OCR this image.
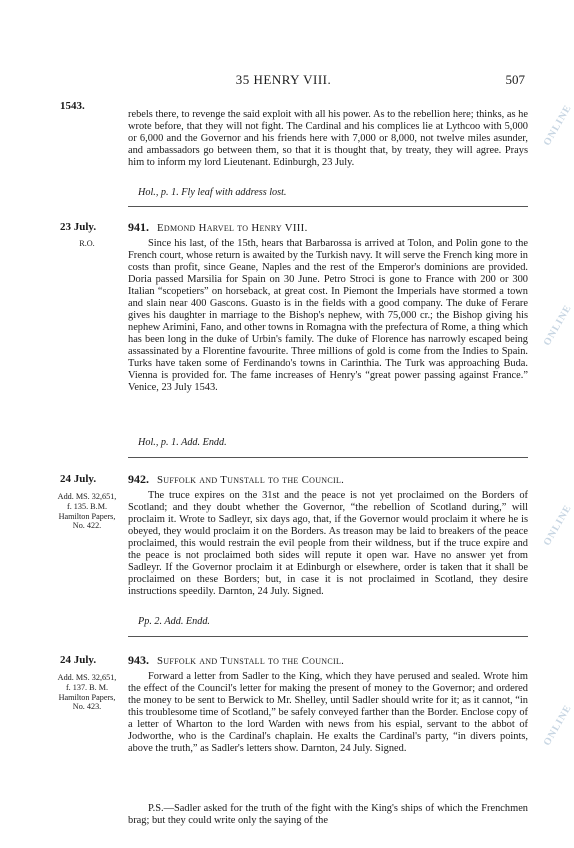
35 HENRY VIII.	507
1543.

rebels there, to revenge the said exploit with all his power. As to the rebellion here; thinks, as he wrote before, that they will not fight. The Cardinal and his complices lie at Lythcoo with 5,000 or 6,000 and the Governor and his friends here with 7,000 or 8,000, not twelve miles asunder, and ambassadors go between them, so that it is thought that, by treaty, they will agree. Prays him to inform my lord Lieutenant. Edinburgh, 23 July.

Hol., p. 1. Fly leaf with address lost.
23 July.
R.O.
941. Edmond Harvel to Henry VIII.

Since his last, of the 15th, hears that Barbarossa is arrived at Tolon, and Polin gone to the French court, whose return is awaited by the Turkish navy. It will serve the French king more in costs than profit, since Geane, Naples and the rest of the Emperor's dominions are provided. Doria passed Marsilia for Spain on 30 June. Petro Stroci is gone to France with 200 or 300 Italian “scopetiers” on horseback, at great cost. In Piemont the Imperials have stormed a town and slain near 400 Gascons. Guasto is in the fields with a good company. The duke of Ferare gives his daughter in marriage to the Bishop's nephew, with 75,000 cr.; the Bishop giving his nephew Arimini, Fano, and other towns in Romagna with the prefectura of Rome, a thing which has been long in the duke of Urbin's family. The duke of Florence has narrowly escaped being assassinated by a Florentine favourite. Three millions of gold is come from the Indies to Spain. Turks have taken some of Ferdinando's towns in Carinthia. The Turk was approaching Buda. Vienna is provided for. The fame increases of Henry's “great power passing against France.” Venice, 23 July 1543.

Hol., p. 1. Add. Endd.
24 July.
Add. MS. 32,651, f. 135. B.M. Hamilton Papers, No. 422.
942. Suffolk and Tunstall to the Council.

The truce expires on the 31st and the peace is not yet proclaimed on the Borders of Scotland; and they doubt whether the Governor, “the rebellion of Scotland during,” will proclaim it. Wrote to Sadleyr, six days ago, that, if the Governor would proclaim it where he is obeyed, they would proclaim it on the Borders. As treason may be laid to breakers of the peace proclaimed, this would restrain the evil people from their wildness, but if the truce expire and the peace is not proclaimed both sides will repute it open war. Have no answer yet from Sadleyr. If the Governor proclaim it at Edinburgh or elsewhere, order is taken that it shall be proclaimed on these Borders; but, in case it is not proclaimed in Scotland, they desire instructions speedily. Darnton, 24 July. Signed.

Pp. 2. Add. Endd.
24 July.
Add. MS. 32,651, f. 137. B. M. Hamilton Papers, No. 423.
943. Suffolk and Tunstall to the Council.

Forward a letter from Sadler to the King, which they have perused and sealed. Wrote him the effect of the Council's letter for making the present of money to the Governor; and ordered the money to be sent to Berwick to Mr. Shelley, until Sadler should write for it; as it cannot, “in this troublesome time of Scotland,” be safely conveyed farther than the Border. Enclose copy of a letter of Wharton to the lord Warden with news from his espial, servant to the abbot of Jodworthe, who is the Cardinal's chaplain. He exalts the Cardinal's party, “in divers points, above the truth,” as Sadler's letters show. Darnton, 24 July. Signed.

P.S.—Sadler asked for the truth of the fight with the King's ships of which the Frenchmen brag; but they could write only the saying of the

ONLINE
ONLINE
ONLINE
ONLINE
